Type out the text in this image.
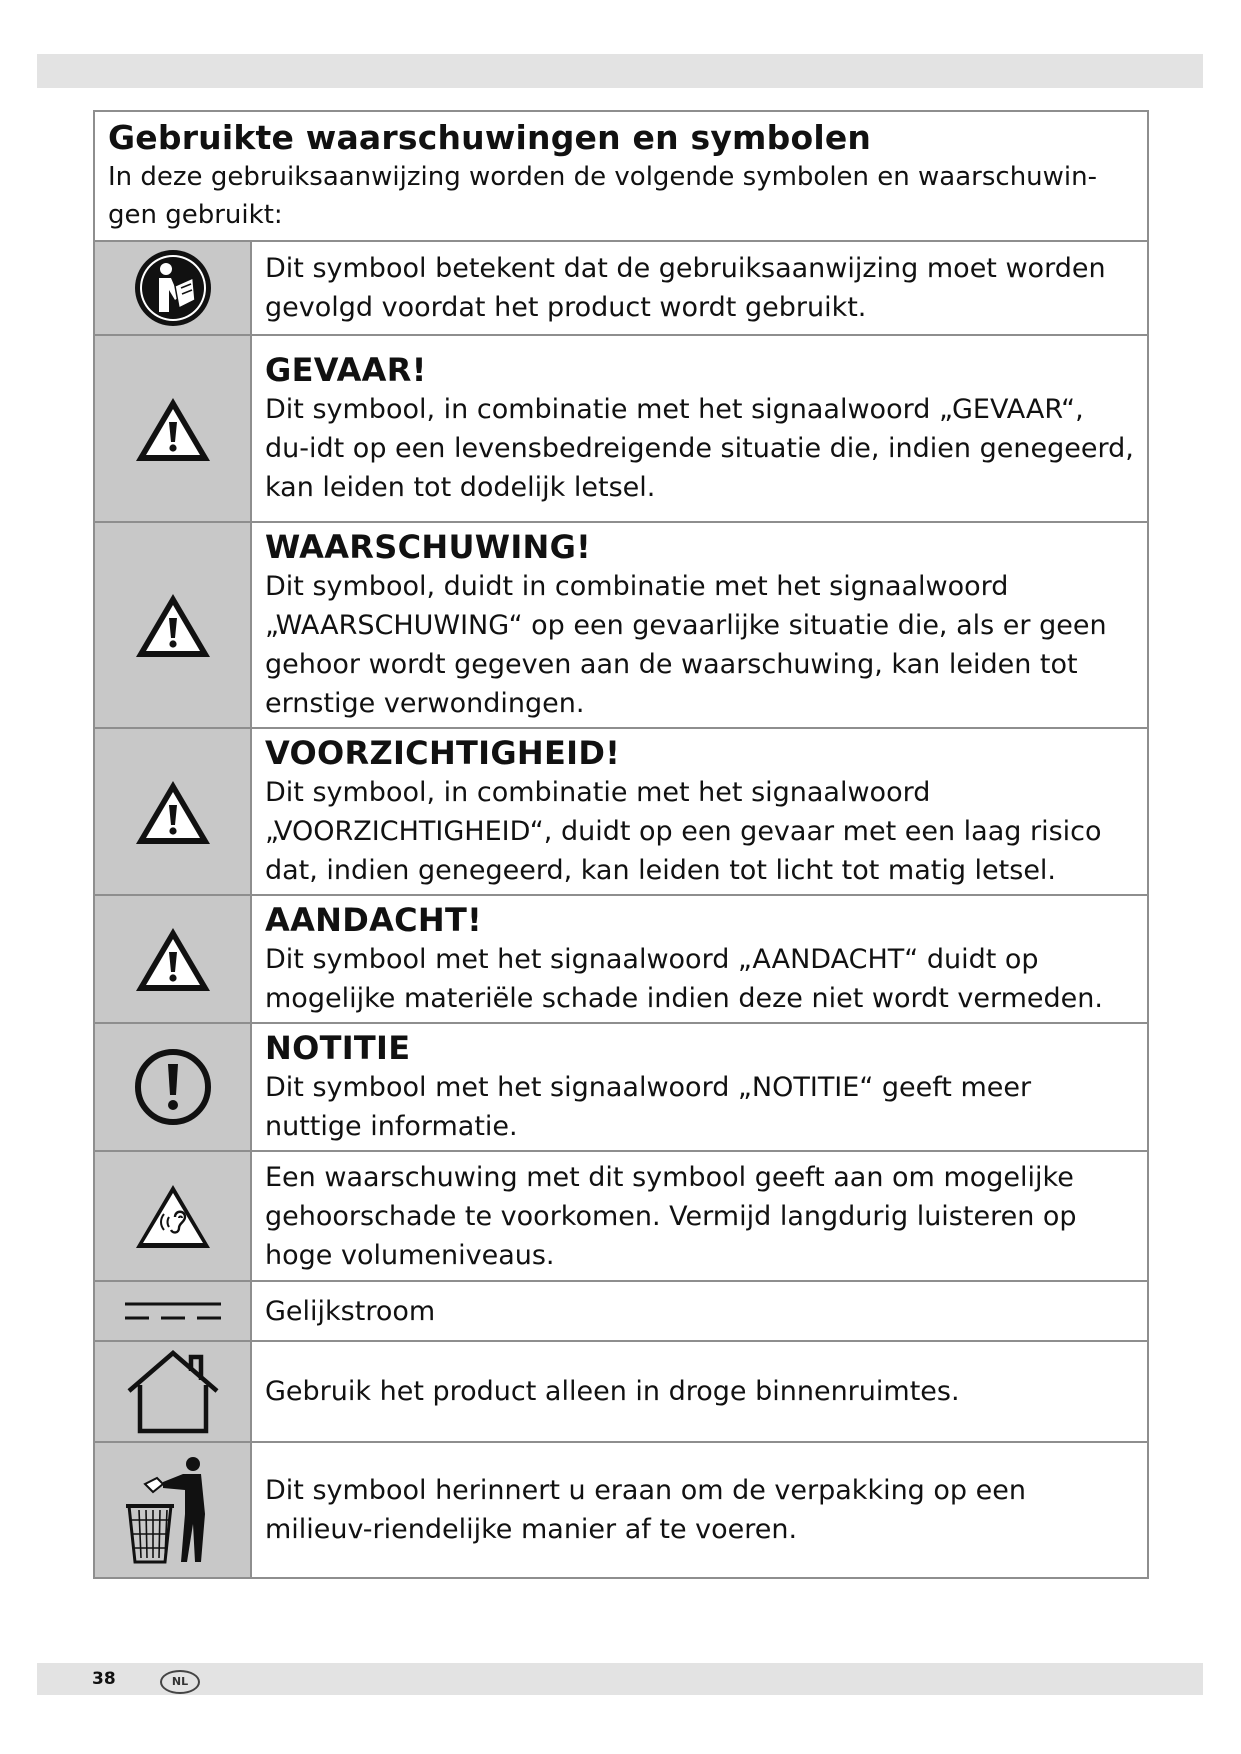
Gebruikte waarschuwingen en symbolen
In deze gebruiksaanwijzing worden de volgende symbolen en waarschuwin-gen gebruikt:	

Dit symbool betekent dat de gebruiksaanwijzing moet worden gevolgd voordat het product wordt gebruikt.

GEVAAR!
Dit symbool, in combinatie met het signaalwoord „GEVAAR“, du-idt op een levensbedreigende situatie die, indien genegeerd, kan leiden tot dodelijk letsel.

WAARSCHUWING!
Dit symbool, duidt in combinatie met het signaalwoord „WAARSCHUWING“ op een gevaarlijke situatie die, als er geen gehoor wordt gegeven aan de waarschuwing, kan leiden tot ernstige verwondingen.

VOORZICHTIGHEID!
Dit symbool, in combinatie met het signaalwoord „VOORZICHTIGHEID“, duidt op een gevaar met een laag risico dat, indien genegeerd, kan leiden tot licht tot matig letsel.

AANDACHT!
Dit symbool met het signaalwoord „AANDACHT“ duidt op mogelijke materiële schade indien deze niet wordt vermeden.

NOTITIE
Dit symbool met het signaalwoord „NOTITIE“ geeft meer nuttige informatie.

Een waarschuwing met dit symbool geeft aan om mogelijke gehoorschade te voorkomen. Vermijd langdurig luisteren op hoge volumeniveaus.

Gelijkstroom

Gebruik het product alleen in droge binnenruimtes.

Dit symbool herinnert u eraan om de verpakking op een milieuv-riendelijke manier af te voeren.
38	NL
